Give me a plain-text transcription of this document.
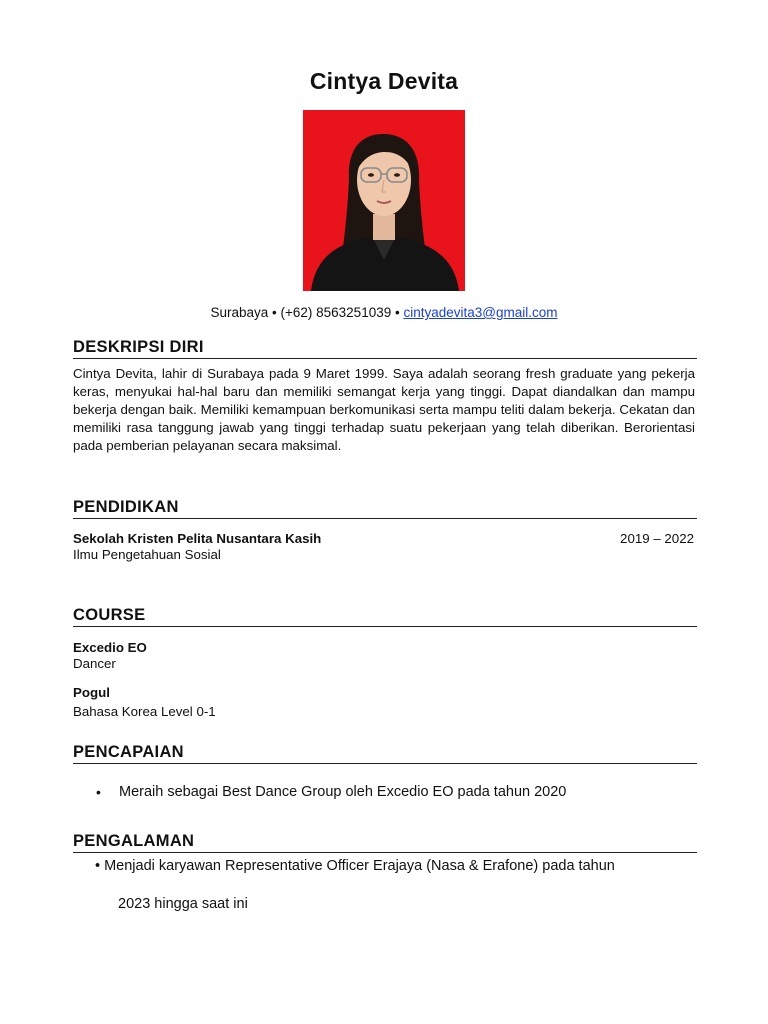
Cintya Devita
Surabaya • (+62) 8563251039 • cintyadevita3@gmail.com
DESKRIPSI DIRI
Cintya Devita, lahir di Surabaya pada 9 Maret 1999. Saya adalah seorang fresh graduate yang pekerja keras, menyukai hal-hal baru dan memiliki semangat kerja yang tinggi. Dapat diandalkan dan mampu bekerja dengan baik. Memiliki kemampuan berkomunikasi serta mampu teliti dalam bekerja. Cekatan dan memiliki rasa tanggung jawab yang tinggi terhadap suatu pekerjaan yang telah diberikan. Berorientasi pada pemberian pelayanan secara maksimal.
PENDIDIKAN
Sekolah Kristen Pelita Nusantara Kasih	2019 – 2022
Ilmu Pengetahuan Sosial
COURSE
Excedio EO
Dancer
Pogul
Bahasa Korea Level 0-1
PENCAPAIAN
• Meraih sebagai Best Dance Group oleh Excedio EO pada tahun 2020
PENGALAMAN
• Menjadi karyawan Representative Officer Erajaya (Nasa & Erafone) pada tahun
2023 hingga saat ini
